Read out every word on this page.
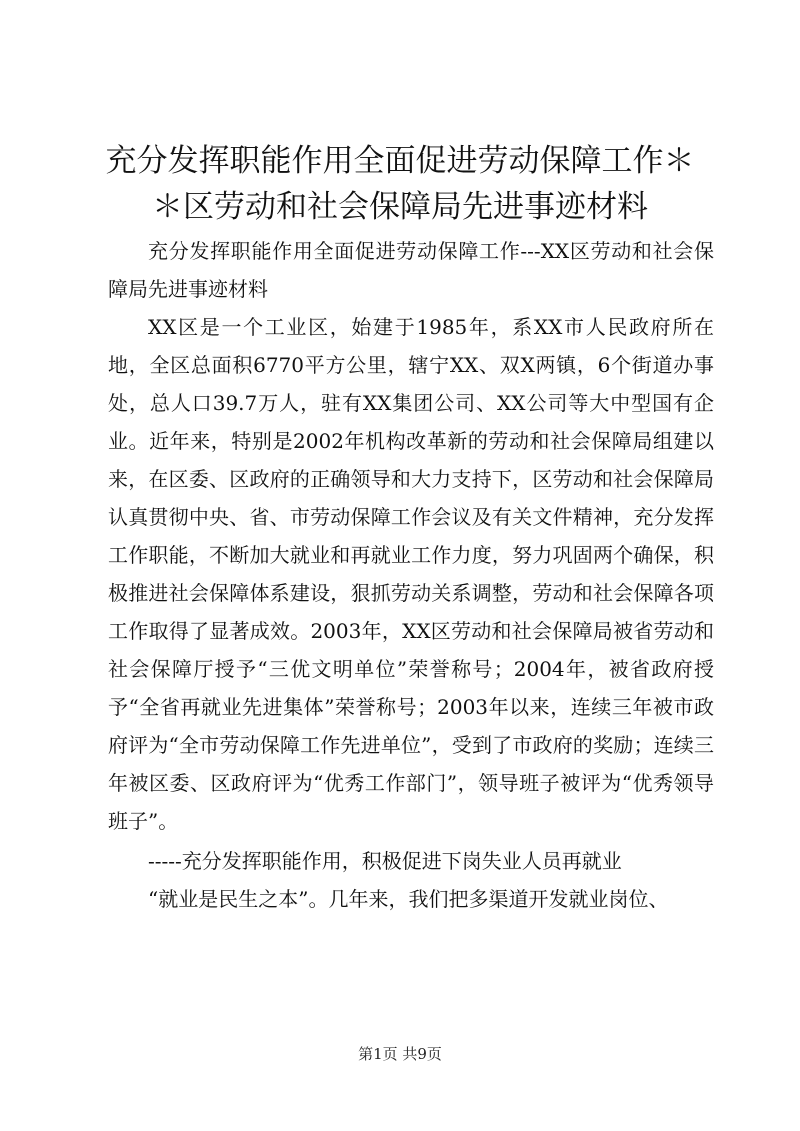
充分发挥职能作用全面促进劳动保障工作＊＊区劳动和社会保障局先进事迹材料

充分发挥职能作用全面促进劳动保障工作---XX区劳动和社会保障局先进事迹材料

XX区是一个工业区，始建于1985年，系XX市人民政府所在地，全区总面积6770平方公里，辖宁XX、双X两镇，6个街道办事处，总人口39.7万人，驻有XX集团公司、XX公司等大中型国有企业。近年来，特别是2002年机构改革新的劳动和社会保障局组建以来，在区委、区政府的正确领导和大力支持下，区劳动和社会保障局认真贯彻中央、省、市劳动保障工作会议及有关文件精神，充分发挥工作职能，不断加大就业和再就业工作力度，努力巩固两个确保，积极推进社会保障体系建设，狠抓劳动关系调整，劳动和社会保障各项工作取得了显著成效。2003年，XX区劳动和社会保障局被省劳动和社会保障厅授予“三优文明单位”荣誉称号；2004年，被省政府授予“全省再就业先进集体”荣誉称号；2003年以来，连续三年被市政府评为“全市劳动保障工作先进单位”，受到了市政府的奖励；连续三年被区委、区政府评为“优秀工作部门”，领导班子被评为“优秀领导班子”。

-----充分发挥职能作用，积极促进下岗失业人员再就业

“就业是民生之本”。几年来，我们把多渠道开发就业岗位、

第1页 共9页
